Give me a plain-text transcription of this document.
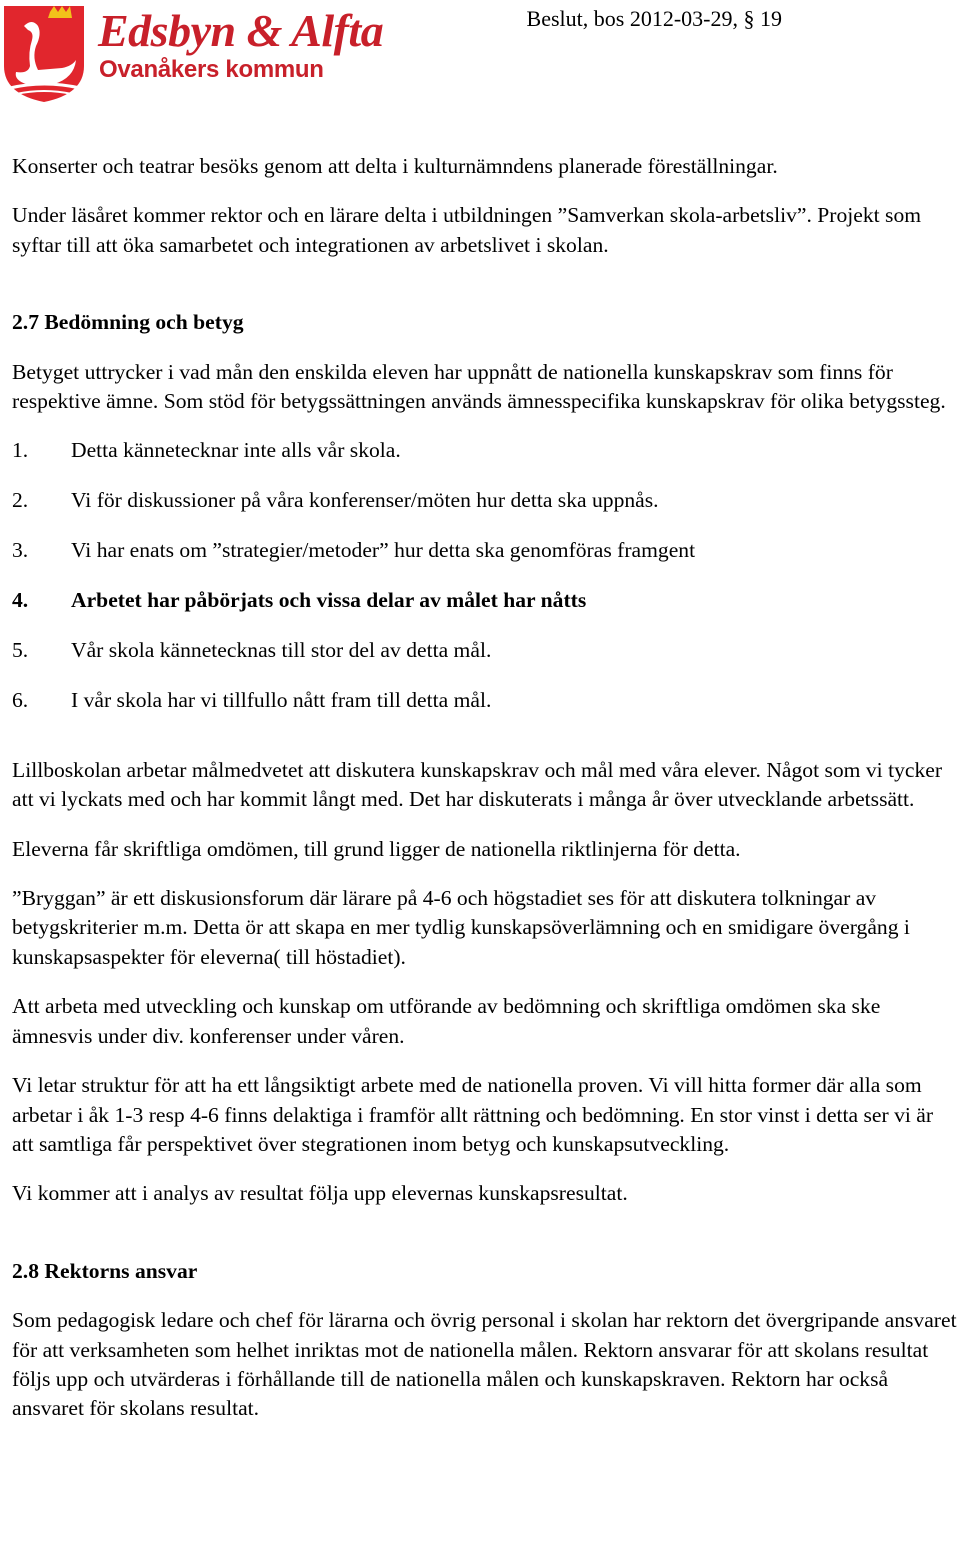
Edsbyn & Alfta
Ovanåkers kommun
Beslut, bos 2012-03-29, § 19

Konserter och teatrar besöks genom att delta i kulturnämndens planerade föreställningar.

Under läsåret kommer rektor och en lärare delta i utbildningen ”Samverkan skola-arbetsliv”. Projekt som syftar till att öka samarbetet och integrationen av arbetslivet i skolan.

2.7 Bedömning och betyg

Betyget uttrycker i vad mån den enskilda eleven har uppnått de nationella kunskapskrav som finns för respektive ämne. Som stöd för betygssättningen används ämnesspecifika kunskapskrav för olika betygssteg.

1.	Detta kännetecknar inte alls vår skola.
2.	Vi för diskussioner på våra konferenser/möten hur detta ska uppnås.
3.	Vi har enats om ”strategier/metoder” hur detta ska genomföras framgent
4.	Arbetet har påbörjats och vissa delar av målet har nåtts
5.	Vår skola kännetecknas till stor del av detta mål.
6.	I vår skola har vi tillfullo nått fram till detta mål.

Lillboskolan arbetar målmedvetet att diskutera kunskapskrav och mål med våra elever. Något som vi tycker att vi lyckats med och har kommit långt med. Det har diskuterats i många år över utvecklande arbetssätt.

Eleverna får skriftliga omdömen, till grund ligger de nationella riktlinjerna för detta.

”Bryggan” är ett diskusionsforum där lärare på 4-6 och högstadiet ses för att diskutera tolkningar av betygskriterier m.m. Detta ör att skapa en mer tydlig kunskapsöverlämning och en smidigare övergång i kunskapsaspekter för eleverna( till höstadiet).

Att arbeta med utveckling och kunskap om utförande av bedömning och skriftliga omdömen ska ske ämnesvis under div. konferenser under våren.

Vi letar struktur för att ha ett långsiktigt arbete med de nationella proven. Vi vill hitta former där alla som arbetar i åk 1-3 resp 4-6 finns delaktiga i framför allt rättning och bedömning. En stor vinst i detta ser vi är att samtliga får perspektivet över stegrationen inom betyg och kunskapsutveckling.

Vi kommer att i analys av resultat följa upp elevernas kunskapsresultat.

2.8 Rektorns ansvar

Som pedagogisk ledare och chef för lärarna och övrig personal i skolan har rektorn det övergripande ansvaret för att verksamheten som helhet inriktas mot de nationella målen. Rektorn ansvarar för att skolans resultat följs upp och utvärderas i förhållande till de nationella målen och kunskapskraven. Rektorn har också ansvaret för skolans resultat.
